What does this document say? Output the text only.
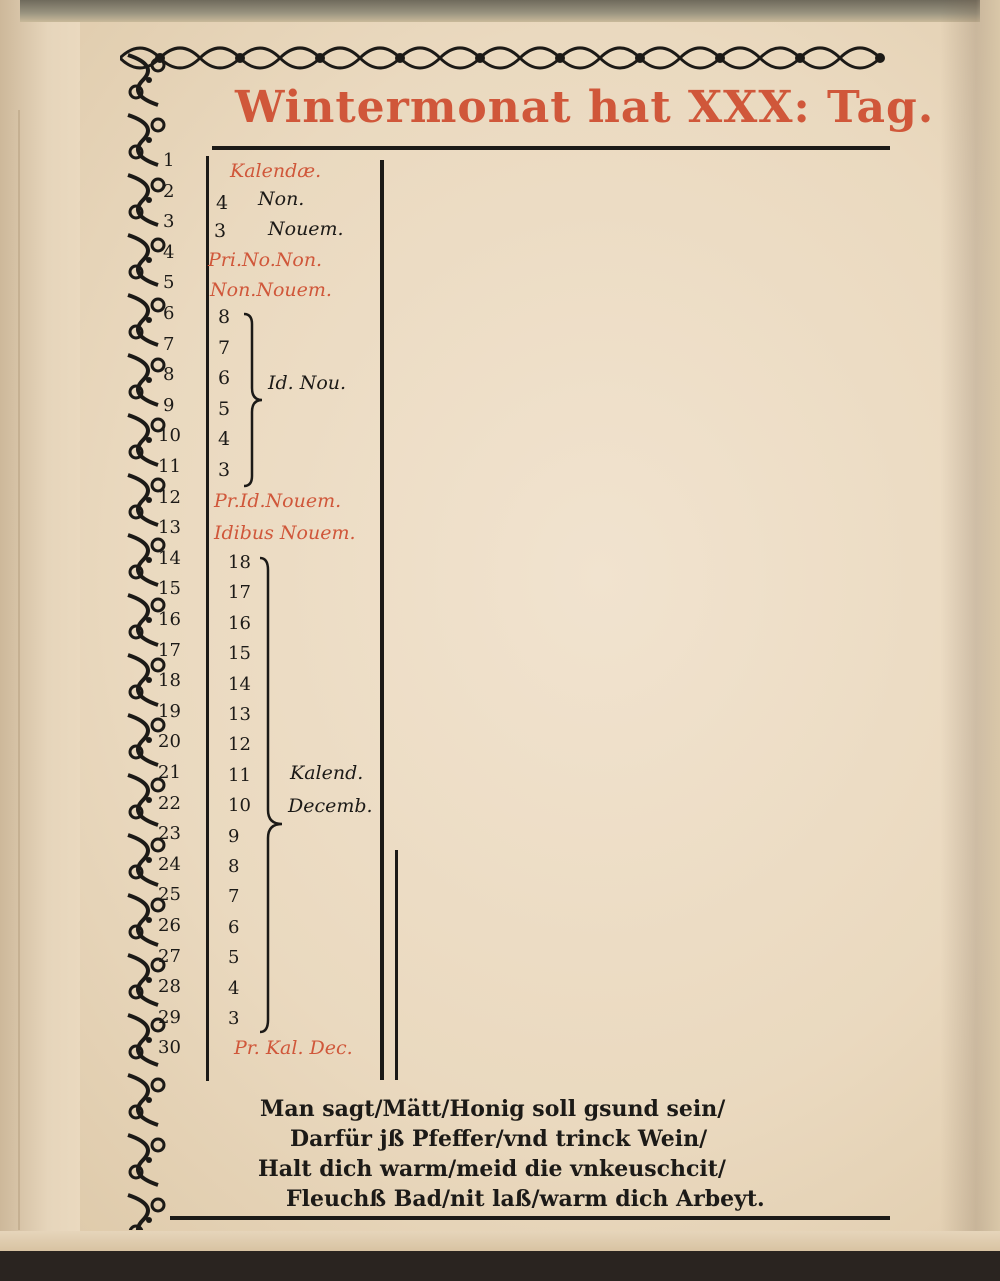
Wintermonat hat XXX: Tag.
1
2
3
4
5
6
7
8
9
10
11
12
13
14
15
16
17
18
19
20
21
22
23
24
25
26
27
28
29
30
Kalendæ.
4 Non.
3 Nouem.
Pri.No.Non.
Non.Nouem.
8
7
6
5
4
3
Id. Nou.
Pr.Id.Nouem.
Idibus Nouem.
18
17
16
15
14
13
12
11
10
9
8
7
6
5
4
3
Kalend.
Decemb.
Pr. Kal. Dec.
Man sagt/Mätt/Honig soll gsund sein/
Darfür jß Pfeffer/vnd trinck Wein/
Halt dich warm/meid die vnkeuschcit/
Fleuchß Bad/nit laß/warm dich Arbeyt.
